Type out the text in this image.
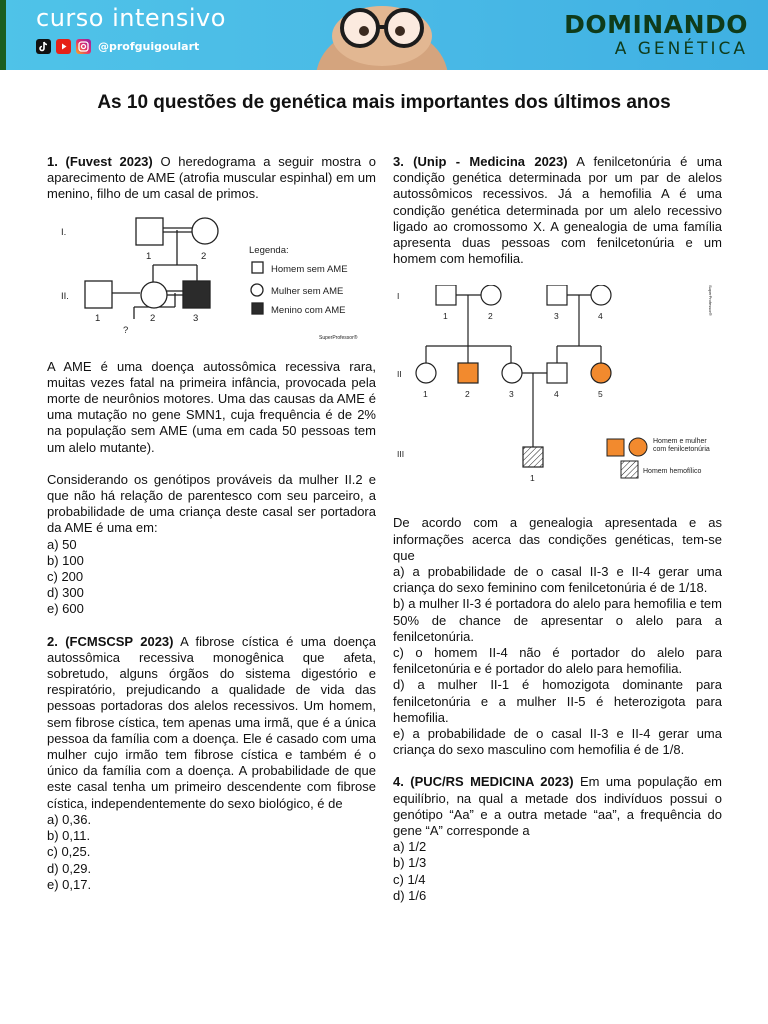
curso intensivo
@profguigoulart
DOMINANDO
A GENÉTICA
As 10 questões de genética mais importantes dos últimos anos

1. (Fuvest 2023) O heredograma a seguir mostra o aparecimento de AME (atrofia muscular espinhal) em um menino, filho de um casal de primos.

I.
II.
1	2
1	2	3
?
Legenda:
Homem sem AME
Mulher sem AME
Menino com AME
SuperProfessor®

A AME é uma doença autossômica recessiva rara, muitas vezes fatal na primeira infância, provocada pela morte de neurônios motores. Uma das causas da AME é uma mutação no gene SMN1, cuja frequência é de 2% na população sem AME (uma em cada 50 pessoas tem um alelo mutante).

Considerando os genótipos prováveis da mulher II.2 e que não há relação de parentesco com seu parceiro, a probabilidade de uma criança deste casal ser portadora da AME é uma em:

a) 50
b) 100
c) 200
d) 300
e) 600

2. (FCMSCSP 2023) A fibrose cística é uma doença autossômica recessiva monogênica que afeta, sobretudo, alguns órgãos do sistema digestório e respiratório, prejudicando a qualidade de vida das pessoas portadoras dos alelos recessivos. Um homem, sem fibrose cística, tem apenas uma irmã, que é a única pessoa da família com a doença. Ele é casado com uma mulher cujo irmão tem fibrose cística e também é o único da família com a doença. A probabilidade de que este casal tenha um primeiro descendente com fibrose cística, independentemente do sexo biológico, é de

a) 0,36.
b) 0,11.
c) 0,25.
d) 0,29.
e) 0,17.

3. (Unip - Medicina 2023) A fenilcetonúria é uma condição genética determinada por um par de alelos autossômicos recessivos. Já a hemofilia A é uma condição genética determinada por um alelo recessivo ligado ao cromossomo X. A genealogia de uma família apresenta duas pessoas com fenilcetonúria e um homem com hemofilia.

I
II
III
1	2	3	4
1	2	3	4	5
1
Homem e mulher
com fenilcetonúria
Homem hemofílico
SuperProfessor®

De acordo com a genealogia apresentada e as informações acerca das condições genéticas, tem-se que

a) a probabilidade de o casal II-3 e II-4 gerar uma criança do sexo feminino com fenilcetonúria é de 1/18.

b) a mulher II-3 é portadora do alelo para hemofilia e tem 50% de chance de apresentar o alelo para a fenilcetonúria.

c) o homem II-4 não é portador do alelo para fenilcetonúria e é portador do alelo para hemofilia.

d) a mulher II-1 é homozigota dominante para fenilcetonúria e a mulher II-5 é heterozigota para hemofilia.

e) a probabilidade de o casal II-3 e II-4 gerar uma criança do sexo masculino com hemofilia é de 1/8.

4. (PUC/RS MEDICINA 2023) Em uma população em equilíbrio, na qual a metade dos indivíduos possui o genótipo “Aa” e a outra metade “aa”, a frequência do gene “A” corresponde a

a) 1/2
b) 1/3
c) 1/4
d) 1/6
